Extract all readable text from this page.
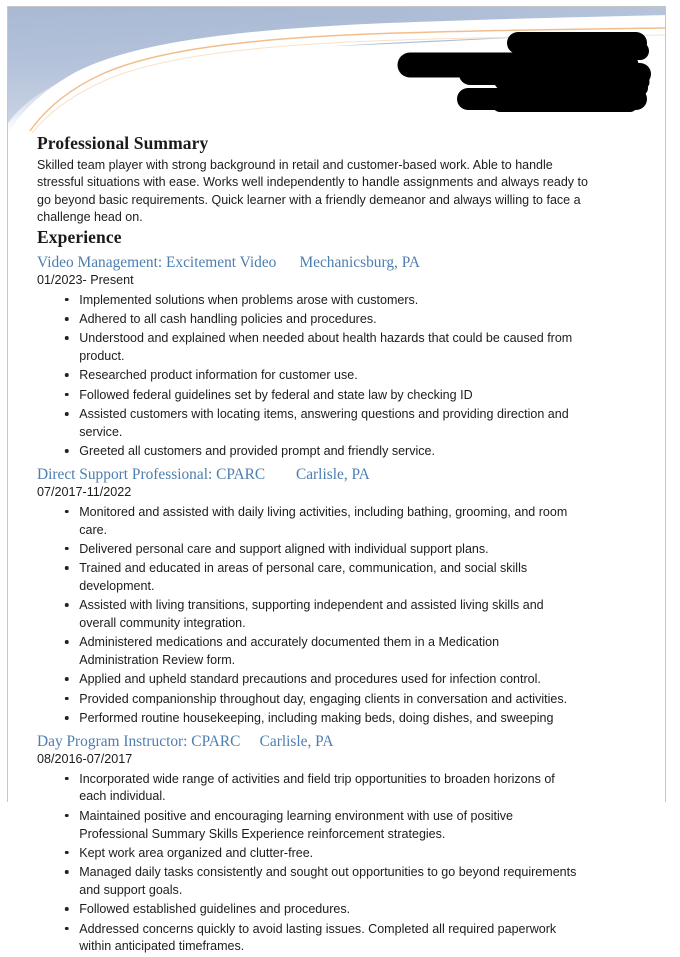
Professional Summary

Skilled team player with strong background in retail and customer-based work. Able to handle stressful situations with ease. Works well independently to handle assignments and always ready to go beyond basic requirements. Quick learner with a friendly demeanor and always willing to face a challenge head on.

Experience

Video Management: Excitement Video Mechanicsburg, PA

01/2023- Present

Implemented solutions when problems arose with customers.
Adhered to all cash handling policies and procedures.
Understood and explained when needed about health hazards that could be caused from product.
Researched product information for customer use.
Followed federal guidelines set by federal and state law by checking ID
Assisted customers with locating items, answering questions and providing direction and service.
Greeted all customers and provided prompt and friendly service.

Direct Support Professional: CPARC Carlisle, PA

07/2017-11/2022

Monitored and assisted with daily living activities, including bathing, grooming, and room care.
Delivered personal care and support aligned with individual support plans.
Trained and educated in areas of personal care, communication, and social skills development.
Assisted with living transitions, supporting independent and assisted living skills and overall community integration.
Administered medications and accurately documented them in a Medication Administration Review form.
Applied and upheld standard precautions and procedures used for infection control.
Provided companionship throughout day, engaging clients in conversation and activities.
Performed routine housekeeping, including making beds, doing dishes, and sweeping

Day Program Instructor: CPARC Carlisle, PA

08/2016-07/2017

Incorporated wide range of activities and field trip opportunities to broaden horizons of each individual.
Maintained positive and encouraging learning environment with use of positive Professional Summary Skills Experience reinforcement strategies.
Kept work area organized and clutter-free.
Managed daily tasks consistently and sought out opportunities to go beyond requirements and support goals.
Followed established guidelines and procedures.
Addressed concerns quickly to avoid lasting issues. Completed all required paperwork within anticipated timeframes.
